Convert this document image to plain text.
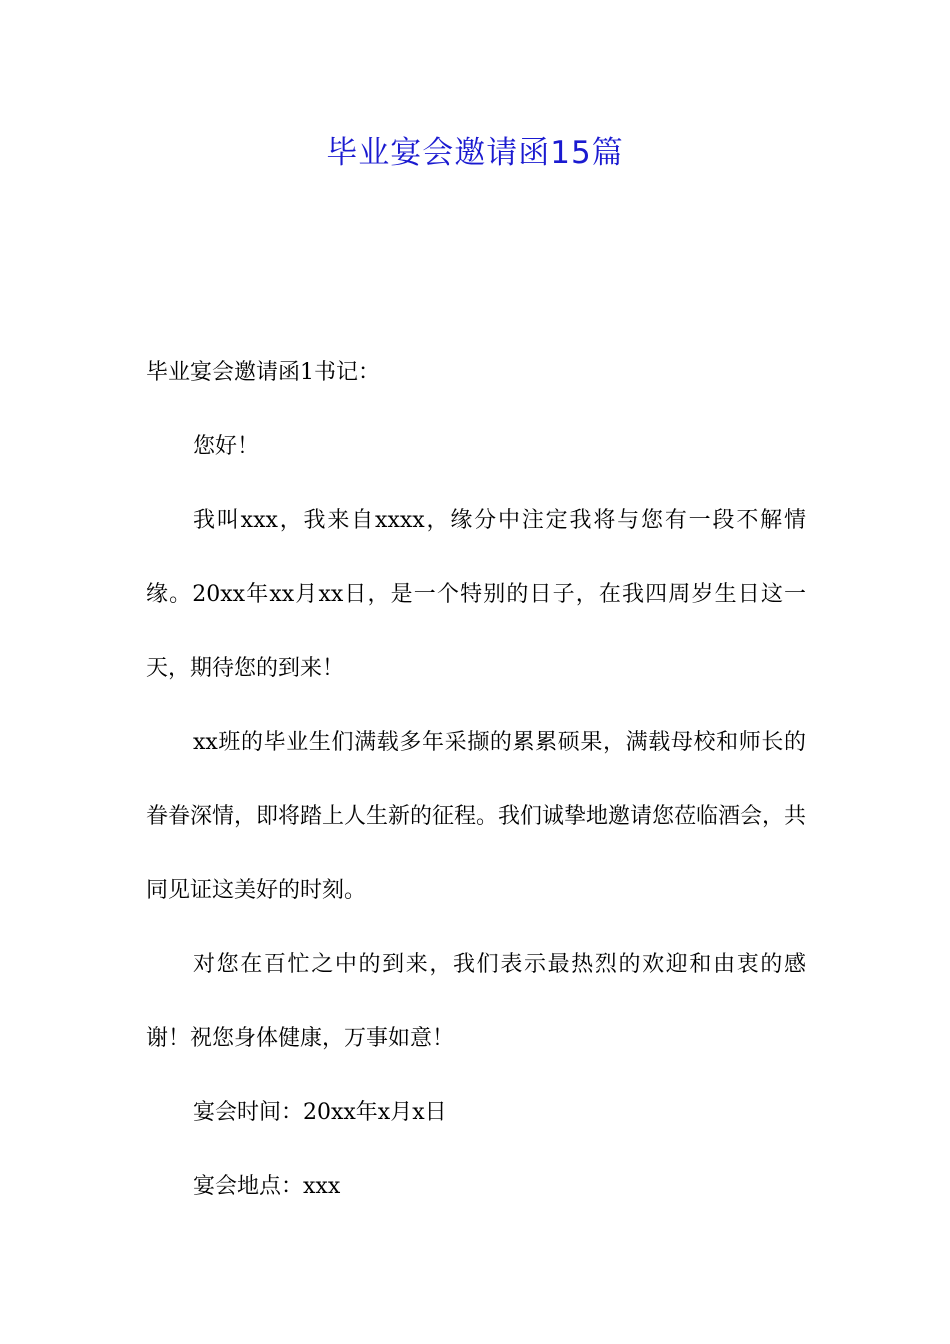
毕业宴会邀请函15篇

毕业宴会邀请函1书记：

您好！

我叫xxx，我来自xxxx，缘分中注定我将与您有一段不解情缘。20xx年xx月xx日，是一个特别的日子，在我四周岁生日这一天，期待您的到来！

xx班的毕业生们满载多年采撷的累累硕果，满载母校和师长的眷眷深情，即将踏上人生新的征程。我们诚挚地邀请您莅临酒会，共同见证这美好的时刻。

对您在百忙之中的到来，我们表示最热烈的欢迎和由衷的感谢！祝您身体健康，万事如意！

宴会时间：20xx年x月x日

宴会地点：xxx
